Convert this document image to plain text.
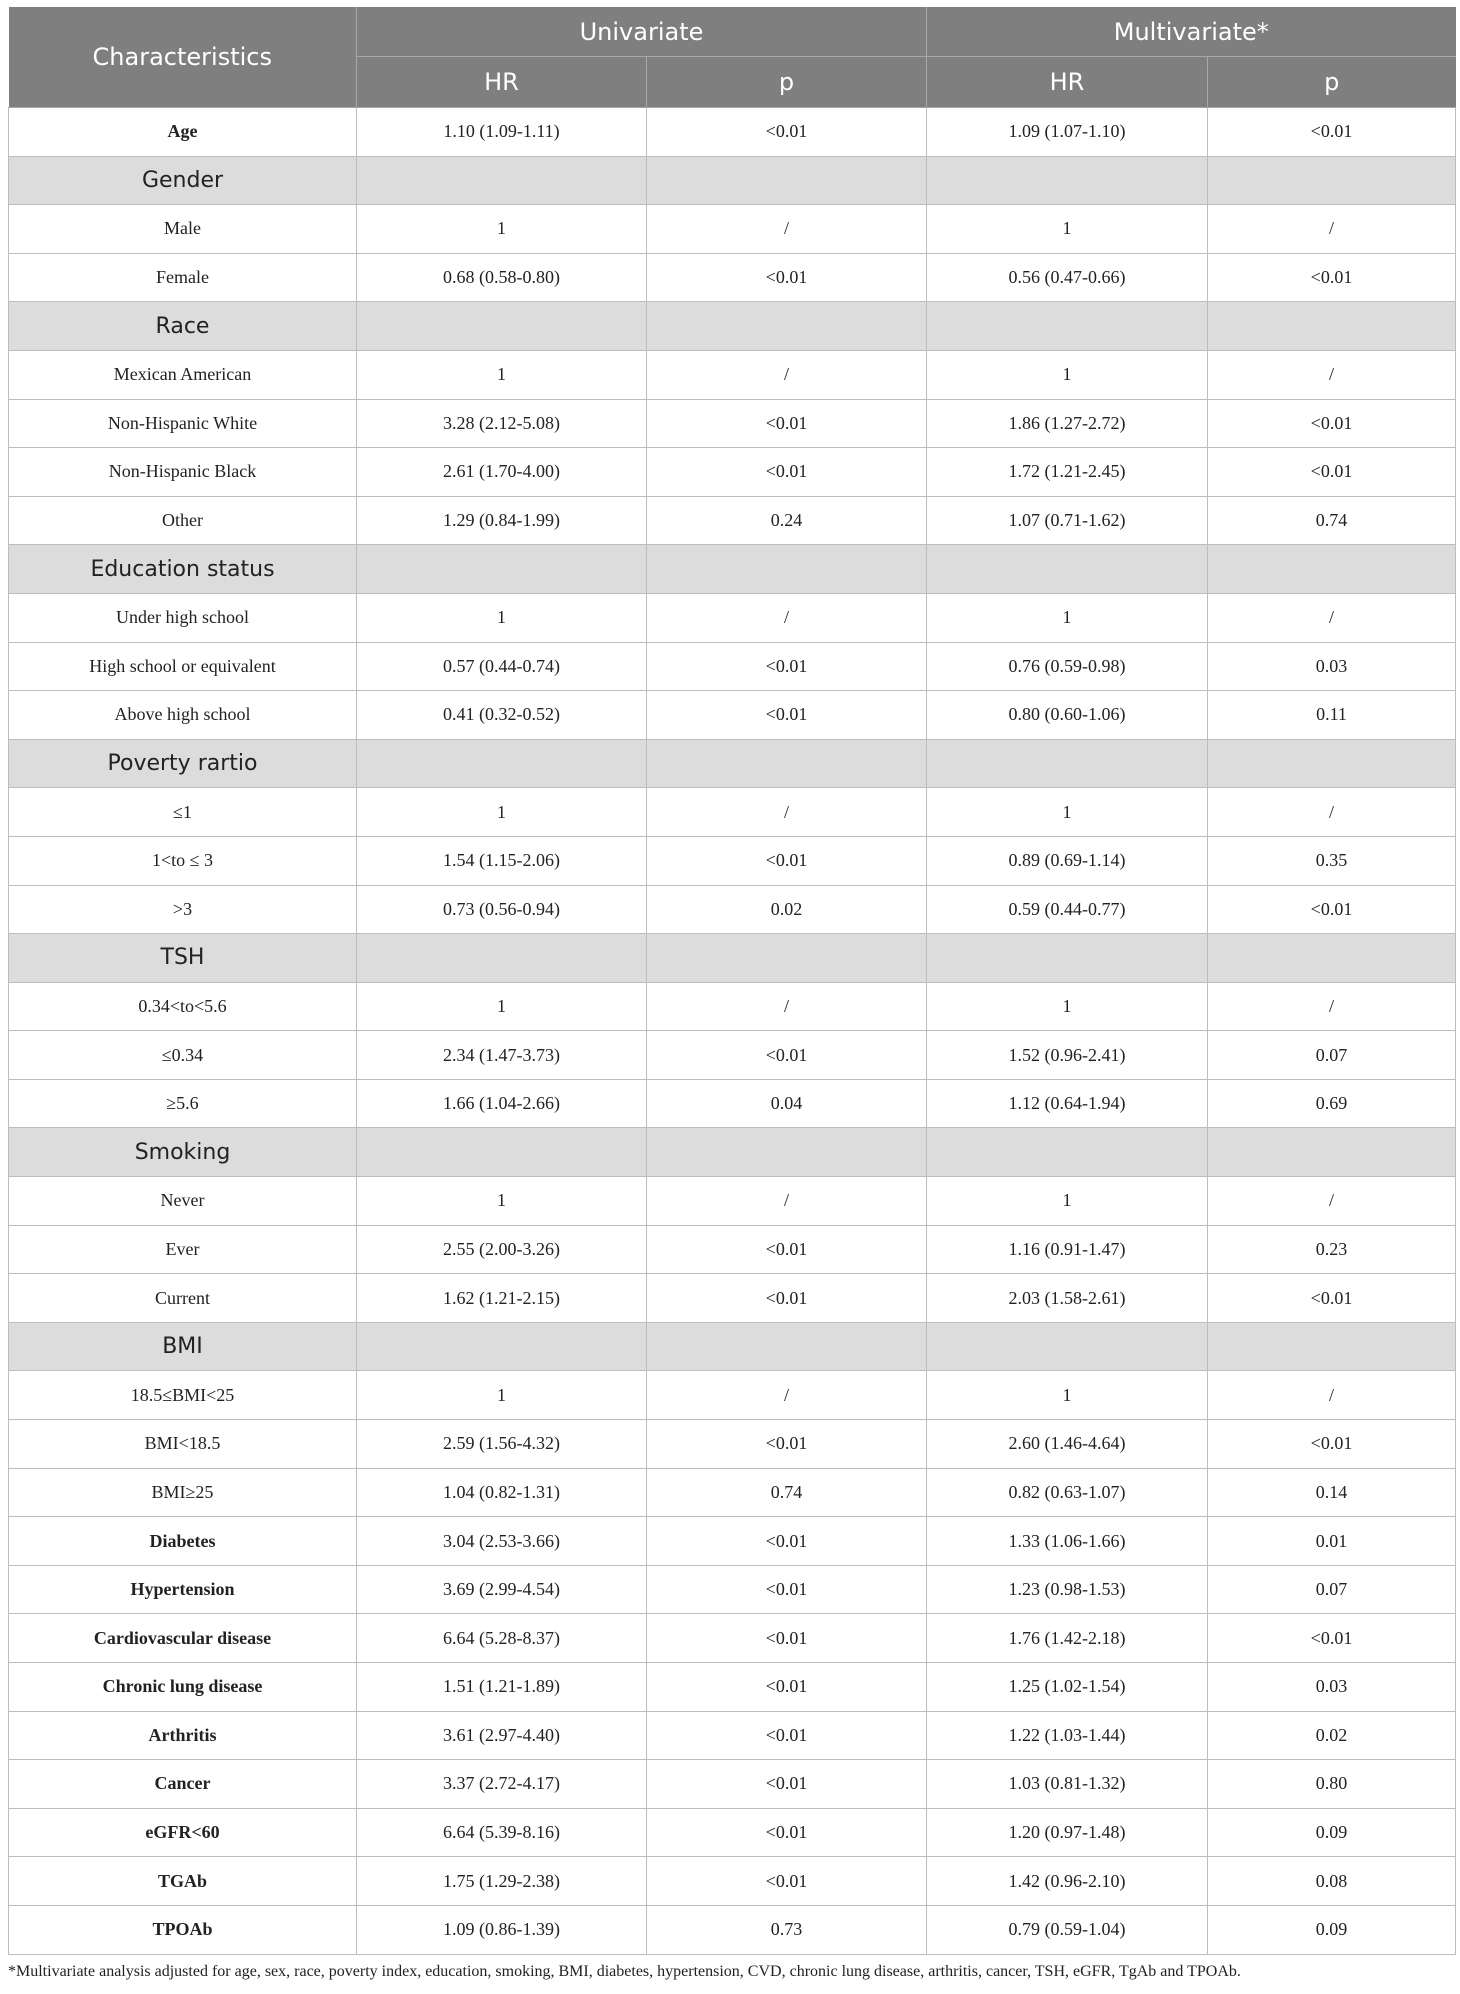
Characteristics	Univariate		Multivariate*	
	HR	p	HR	p
Age	1.10 (1.09-1.11)	<0.01	1.09 (1.07-1.10)	<0.01
Gender				
Male	1	/	1	/
Female	0.68 (0.58-0.80)	<0.01	0.56 (0.47-0.66)	<0.01
Race				
Mexican American	1	/	1	/
Non-Hispanic White	3.28 (2.12-5.08)	<0.01	1.86 (1.27-2.72)	<0.01
Non-Hispanic Black	2.61 (1.70-4.00)	<0.01	1.72 (1.21-2.45)	<0.01
Other	1.29 (0.84-1.99)	0.24	1.07 (0.71-1.62)	0.74
Education status				
Under high school	1	/	1	/
High school or equivalent	0.57 (0.44-0.74)	<0.01	0.76 (0.59-0.98)	0.03
Above high school	0.41 (0.32-0.52)	<0.01	0.80 (0.60-1.06)	0.11
Poverty rartio				
≤1	1	/	1	/
1<to ≤ 3	1.54 (1.15-2.06)	<0.01	0.89 (0.69-1.14)	0.35
>3	0.73 (0.56-0.94)	0.02	0.59 (0.44-0.77)	<0.01
TSH				
0.34<to<5.6	1	/	1	/
≤0.34	2.34 (1.47-3.73)	<0.01	1.52 (0.96-2.41)	0.07
≥5.6	1.66 (1.04-2.66)	0.04	1.12 (0.64-1.94)	0.69
Smoking				
Never	1	/	1	/
Ever	2.55 (2.00-3.26)	<0.01	1.16 (0.91-1.47)	0.23
Current	1.62 (1.21-2.15)	<0.01	2.03 (1.58-2.61)	<0.01
BMI				
18.5≤BMI<25	1	/	1	/
BMI<18.5	2.59 (1.56-4.32)	<0.01	2.60 (1.46-4.64)	<0.01
BMI≥25	1.04 (0.82-1.31)	0.74	0.82 (0.63-1.07)	0.14
Diabetes	3.04 (2.53-3.66)	<0.01	1.33 (1.06-1.66)	0.01
Hypertension	3.69 (2.99-4.54)	<0.01	1.23 (0.98-1.53)	0.07
Cardiovascular disease	6.64 (5.28-8.37)	<0.01	1.76 (1.42-2.18)	<0.01
Chronic lung disease	1.51 (1.21-1.89)	<0.01	1.25 (1.02-1.54)	0.03
Arthritis	3.61 (2.97-4.40)	<0.01	1.22 (1.03-1.44)	0.02
Cancer	3.37 (2.72-4.17)	<0.01	1.03 (0.81-1.32)	0.80
eGFR<60	6.64 (5.39-8.16)	<0.01	1.20 (0.97-1.48)	0.09
TGAb	1.75 (1.29-2.38)	<0.01	1.42 (0.96-2.10)	0.08
TPOAb	1.09 (0.86-1.39)	0.73	0.79 (0.59-1.04)	0.09
*Multivariate analysis adjusted for age, sex, race, poverty index, education, smoking, BMI, diabetes, hypertension, CVD, chronic lung disease, arthritis, cancer, TSH, eGFR, TgAb and TPOAb.
